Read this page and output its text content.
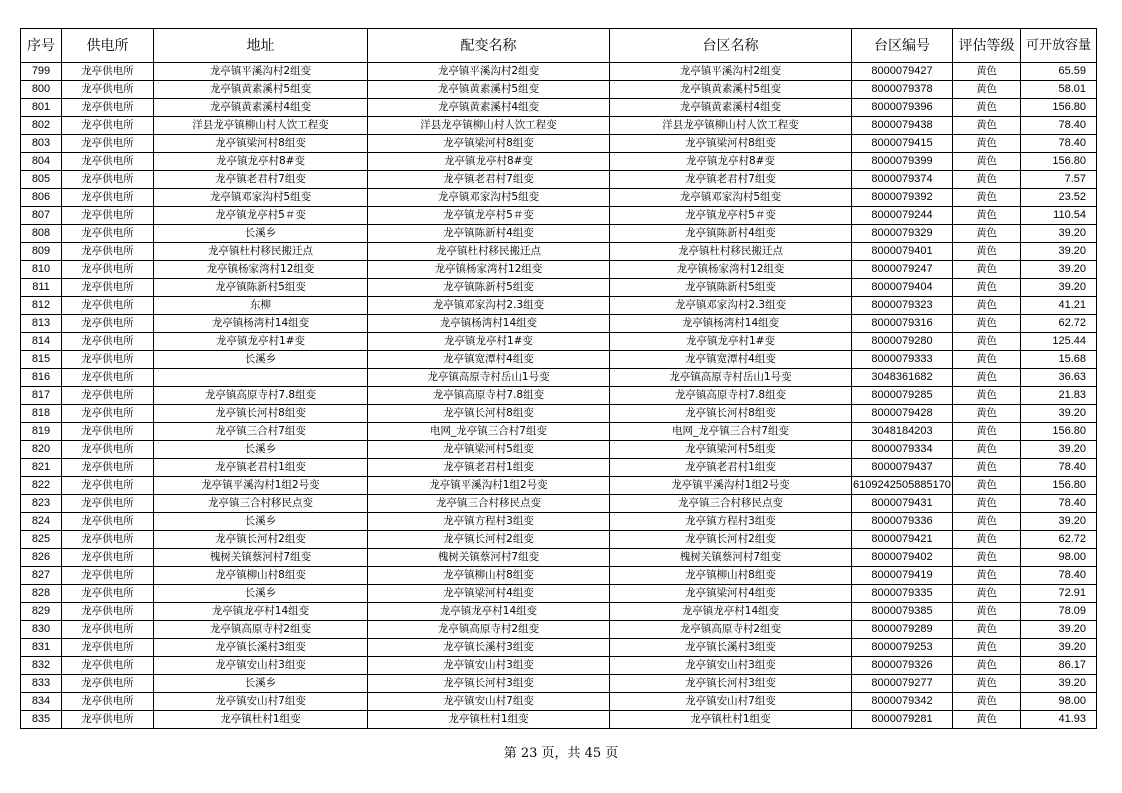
序号	供电所	地址	配变名称	台区名称	台区编号	评估等级	可开放容量
799	龙亭供电所	龙亭镇平溪沟村2组变	龙亭镇平溪沟村2组变	龙亭镇平溪沟村2组变	8000079427	黄色	65.59
800	龙亭供电所	龙亭镇黄素溪村5组变	龙亭镇黄素溪村5组变	龙亭镇黄素溪村5组变	8000079378	黄色	58.01
801	龙亭供电所	龙亭镇黄素溪村4组变	龙亭镇黄素溪村4组变	龙亭镇黄素溪村4组变	8000079396	黄色	156.80
802	龙亭供电所	洋县龙亭镇柳山村人饮工程变	洋县龙亭镇柳山村人饮工程变	洋县龙亭镇柳山村人饮工程变	8000079438	黄色	78.40
803	龙亭供电所	龙亭镇梁河村8组变	龙亭镇梁河村8组变	龙亭镇梁河村8组变	8000079415	黄色	78.40
804	龙亭供电所	龙亭镇龙亭村8#变	龙亭镇龙亭村8#变	龙亭镇龙亭村8#变	8000079399	黄色	156.80
805	龙亭供电所	龙亭镇老君村7组变	龙亭镇老君村7组变	龙亭镇老君村7组变	8000079374	黄色	7.57
806	龙亭供电所	龙亭镇邓家沟村5组变	龙亭镇邓家沟村5组变	龙亭镇邓家沟村5组变	8000079392	黄色	23.52
807	龙亭供电所	龙亭镇龙亭村5＃变	龙亭镇龙亭村5＃变	龙亭镇龙亭村5＃变	8000079244	黄色	110.54
808	龙亭供电所	长溪乡	龙亭镇陈新村4组变	龙亭镇陈新村4组变	8000079329	黄色	39.20
809	龙亭供电所	龙亭镇杜村移民搬迁点	龙亭镇杜村移民搬迁点	龙亭镇杜村移民搬迁点	8000079401	黄色	39.20
810	龙亭供电所	龙亭镇杨家湾村12组变	龙亭镇杨家湾村12组变	龙亭镇杨家湾村12组变	8000079247	黄色	39.20
811	龙亭供电所	龙亭镇陈新村5组变	龙亭镇陈新村5组变	龙亭镇陈新村5组变	8000079404	黄色	39.20
812	龙亭供电所	东柳	龙亭镇邓家沟村2.3组变	龙亭镇邓家沟村2.3组变	8000079323	黄色	41.21
813	龙亭供电所	龙亭镇杨湾村14组变	龙亭镇杨湾村14组变	龙亭镇杨湾村14组变	8000079316	黄色	62.72
814	龙亭供电所	龙亭镇龙亭村1#变	龙亭镇龙亭村1#变	龙亭镇龙亭村1#变	8000079280	黄色	125.44
815	龙亭供电所	长溪乡	龙亭镇宽潭村4组变	龙亭镇宽潭村4组变	8000079333	黄色	15.68
816	龙亭供电所		龙亭镇高原寺村岳山1号变	龙亭镇高原寺村岳山1号变	3048361682	黄色	36.63
817	龙亭供电所	龙亭镇高原寺村7.8组变	龙亭镇高原寺村7.8组变	龙亭镇高原寺村7.8组变	8000079285	黄色	21.83
818	龙亭供电所	龙亭镇长河村8组变	龙亭镇长河村8组变	龙亭镇长河村8组变	8000079428	黄色	39.20
819	龙亭供电所	龙亭镇三合村7组变	电网_龙亭镇三合村7组变	电网_龙亭镇三合村7组变	3048184203	黄色	156.80
820	龙亭供电所	长溪乡	龙亭镇梁河村5组变	龙亭镇梁河村5组变	8000079334	黄色	39.20
821	龙亭供电所	龙亭镇老君村1组变	龙亭镇老君村1组变	龙亭镇老君村1组变	8000079437	黄色	78.40
822	龙亭供电所	龙亭镇平溪沟村1组2号变	龙亭镇平溪沟村1组2号变	龙亭镇平溪沟村1组2号变	6109242505885170	黄色	156.80
823	龙亭供电所	龙亭镇三合村移民点变	龙亭镇三合村移民点变	龙亭镇三合村移民点变	8000079431	黄色	78.40
824	龙亭供电所	长溪乡	龙亭镇方程村3组变	龙亭镇方程村3组变	8000079336	黄色	39.20
825	龙亭供电所	龙亭镇长河村2组变	龙亭镇长河村2组变	龙亭镇长河村2组变	8000079421	黄色	62.72
826	龙亭供电所	槐树关镇蔡河村7组变	槐树关镇蔡河村7组变	槐树关镇蔡河村7组变	8000079402	黄色	98.00
827	龙亭供电所	龙亭镇柳山村8组变	龙亭镇柳山村8组变	龙亭镇柳山村8组变	8000079419	黄色	78.40
828	龙亭供电所	长溪乡	龙亭镇梁河村4组变	龙亭镇梁河村4组变	8000079335	黄色	72.91
829	龙亭供电所	龙亭镇龙亭村14组变	龙亭镇龙亭村14组变	龙亭镇龙亭村14组变	8000079385	黄色	78.09
830	龙亭供电所	龙亭镇高原寺村2组变	龙亭镇高原寺村2组变	龙亭镇高原寺村2组变	8000079289	黄色	39.20
831	龙亭供电所	龙亭镇长溪村3组变	龙亭镇长溪村3组变	龙亭镇长溪村3组变	8000079253	黄色	39.20
832	龙亭供电所	龙亭镇安山村3组变	龙亭镇安山村3组变	龙亭镇安山村3组变	8000079326	黄色	86.17
833	龙亭供电所	长溪乡	龙亭镇长河村3组变	龙亭镇长河村3组变	8000079277	黄色	39.20
834	龙亭供电所	龙亭镇安山村7组变	龙亭镇安山村7组变	龙亭镇安山村7组变	8000079342	黄色	98.00
835	龙亭供电所	龙亭镇杜村1组变	龙亭镇杜村1组变	龙亭镇杜村1组变	8000079281	黄色	41.93
第 23 页，共 45 页
